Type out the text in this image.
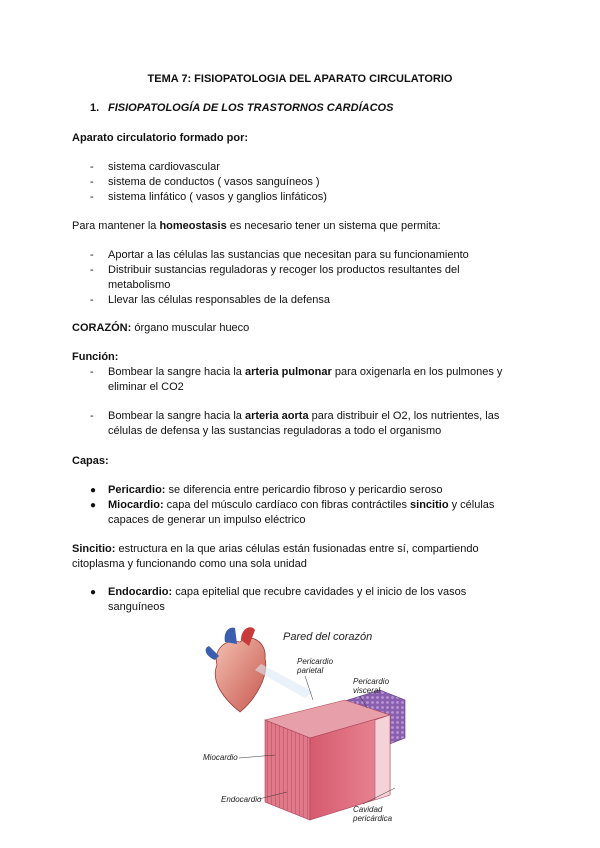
TEMA 7: FISIOPATOLOGIA DEL APARATO CIRCULATORIO
1. FISIOPATOLOGÍA DE LOS TRASTORNOS CARDÍACOS
Aparato circulatorio formado por:
- sistema cardiovascular
- sistema de conductos ( vasos sanguíneos )
- sistema linfático ( vasos y ganglios linfáticos)
Para mantener la homeostasis es necesario tener un sistema que permita:
- Aportar a las células las sustancias que necesitan para su funcionamiento
- Distribuir sustancias reguladoras y recoger los productos resultantes del
metabolismo
- Llevar las células responsables de la defensa
CORAZÓN: órgano muscular hueco
Función:
- Bombear la sangre hacia la arteria pulmonar para oxigenarla en los pulmones y
eliminar el CO2
- Bombear la sangre hacia la arteria aorta para distribuir el O2, los nutrientes, las
células de defensa y las sustancias reguladoras a todo el organismo
Capas:
● Pericardio: se diferencia entre pericardio fibroso y pericardio seroso
● Miocardio: capa del músculo cardíaco con fibras contráctiles sincitio y células
capaces de generar un impulso eléctrico
Sincitio: estructura en la que arias células están fusionadas entre sí, compartiendo
citoplasma y funcionando como una sola unidad
● Endocardio: capa epitelial que recubre cavidades y el inicio de los vasos
sanguíneos
Pared del corazón
Pericardio
parietal
Pericardio
visceral
Miocardio
Endocardio
Cavidad
pericárdica
